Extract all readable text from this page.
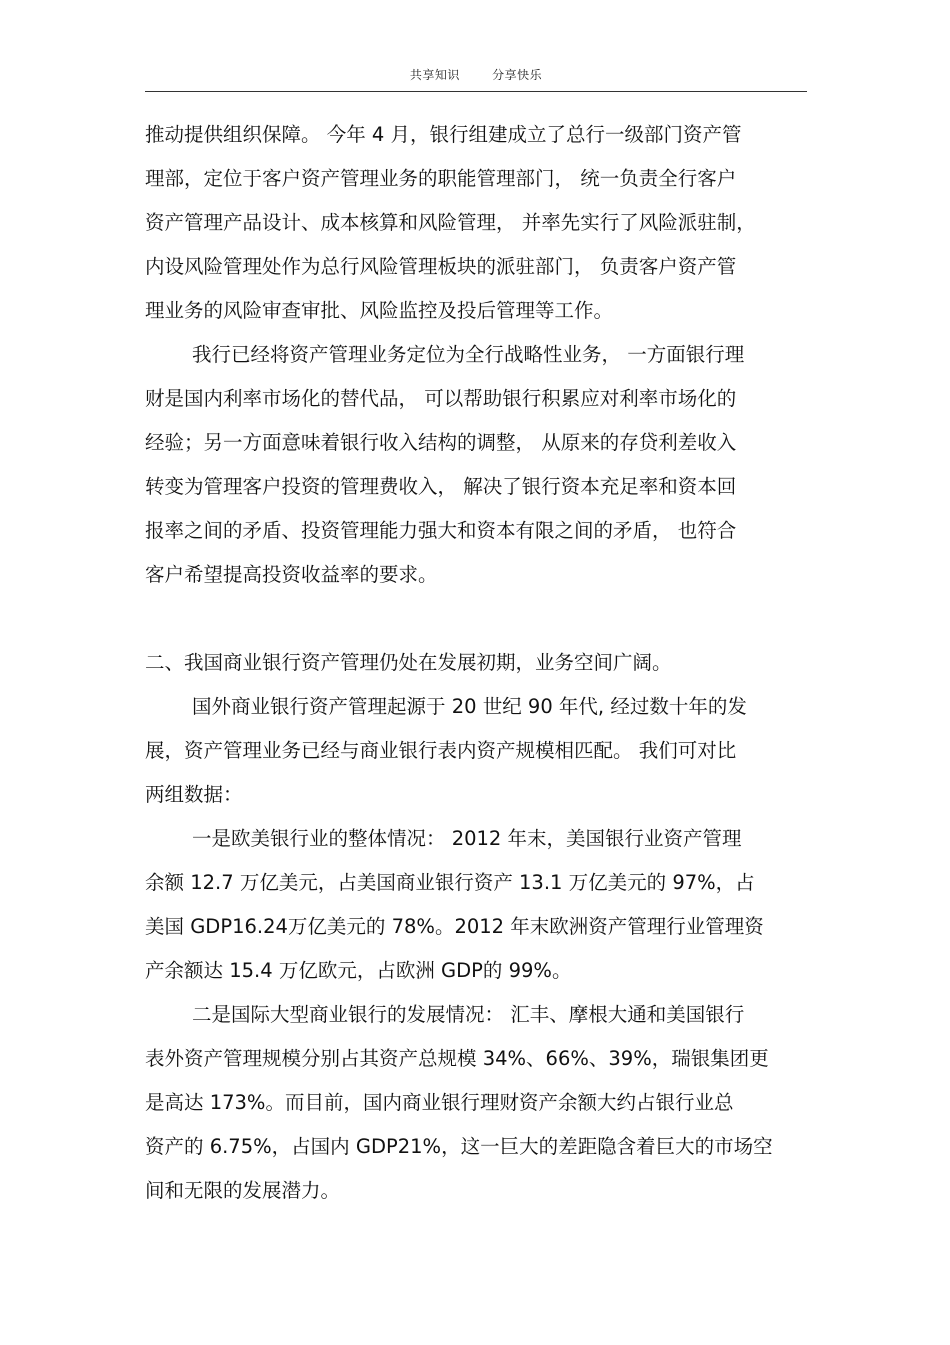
共享知识	分享快乐

推动提供组织保障。 今年 4 月，银行组建成立了总行一级部门资产管

理部，定位于客户资产管理业务的职能管理部门， 统一负责全行客户

资产管理产品设计、成本核算和风险管理， 并率先实行了风险派驻制，

内设风险管理处作为总行风险管理板块的派驻部门， 负责客户资产管

理业务的风险审查审批、风险监控及投后管理等工作。

我行已经将资产管理业务定位为全行战略性业务， 一方面银行理

财是国内利率市场化的替代品， 可以帮助银行积累应对利率市场化的

经验；另一方面意味着银行收入结构的调整， 从原来的存贷利差收入

转变为管理客户投资的管理费收入， 解决了银行资本充足率和资本回

报率之间的矛盾、投资管理能力强大和资本有限之间的矛盾， 也符合

客户希望提高投资收益率的要求。

二、我国商业银行资产管理仍处在发展初期，业务空间广阔。

国外商业银行资产管理起源于 20 世纪 90 年代, 经过数十年的发

展，资产管理业务已经与商业银行表内资产规模相匹配。 我们可对比

两组数据：

一是欧美银行业的整体情况： 2012 年末，美国银行业资产管理

余额 12.7 万亿美元，占美国商业银行资产 13.1 万亿美元的 97%，占

美国 GDP16.24万亿美元的 78%。2012 年末欧洲资产管理行业管理资

产余额达 15.4 万亿欧元，占欧洲 GDP的 99%。

二是国际大型商业银行的发展情况： 汇丰、摩根大通和美国银行

表外资产管理规模分别占其资产总规模 34%、66%、39%，瑞银集团更

是高达 173%。而目前，国内商业银行理财资产余额大约占银行业总

资产的 6.75%，占国内 GDP21%，这一巨大的差距隐含着巨大的市场空

间和无限的发展潜力。
